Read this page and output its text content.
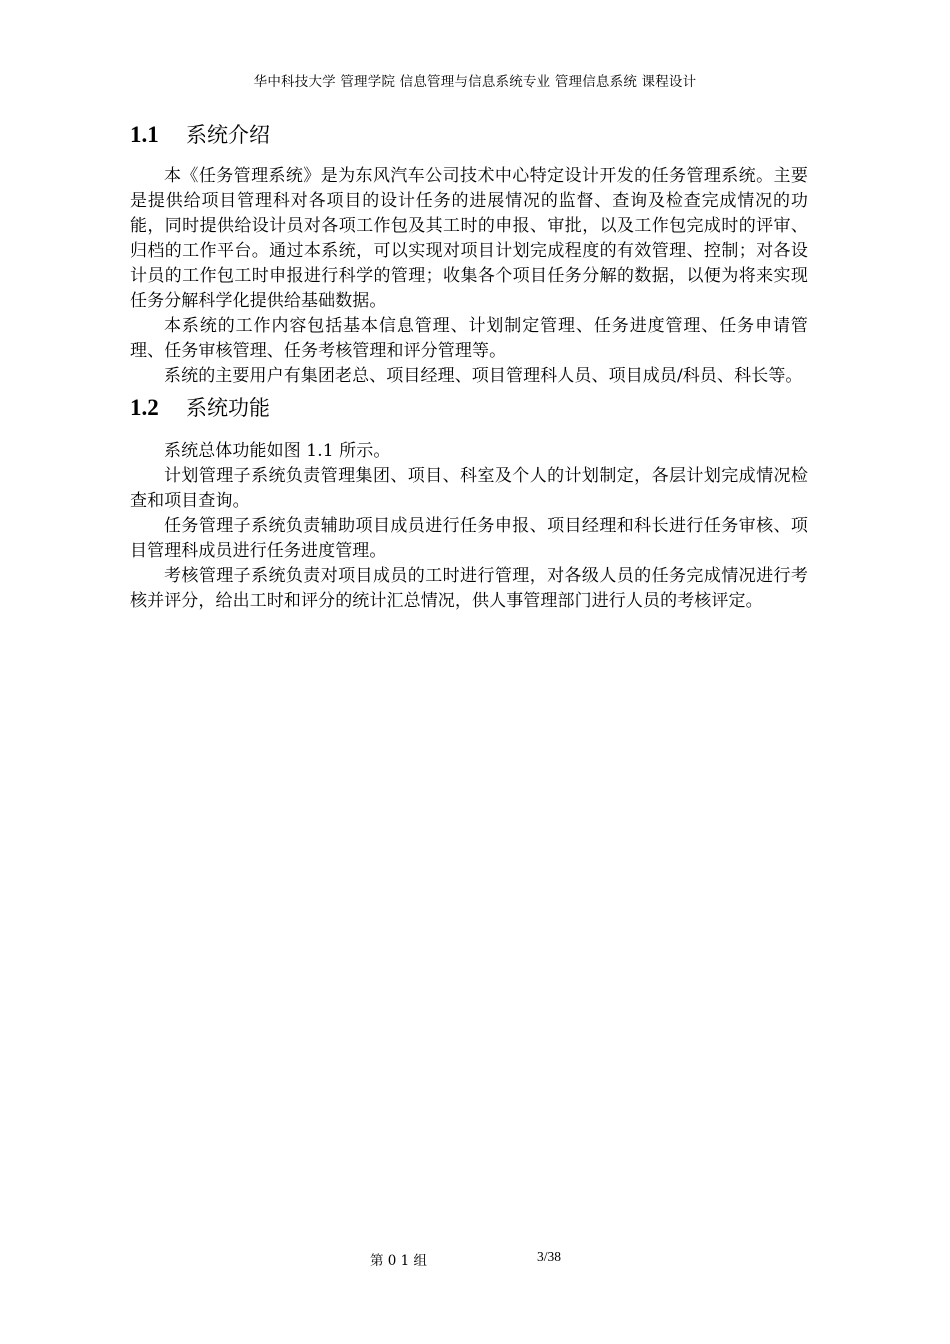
华中科技大学 管理学院 信息管理与信息系统专业 管理信息系统 课程设计
1.1 系统介绍

本《任务管理系统》是为东风汽车公司技术中心特定设计开发的任务管理系统。主要是提供给项目管理科对各项目的设计任务的进展情况的监督、查询及检查完成情况的功能，同时提供给设计员对各项工作包及其工时的申报、审批，以及工作包完成时的评审、归档的工作平台。通过本系统，可以实现对项目计划完成程度的有效管理、控制；对各设计员的工作包工时申报进行科学的管理；收集各个项目任务分解的数据，以便为将来实现任务分解科学化提供给基础数据。

本系统的工作内容包括基本信息管理、计划制定管理、任务进度管理、任务申请管理、任务审核管理、任务考核管理和评分管理等。

系统的主要用户有集团老总、项目经理、项目管理科人员、项目成员/科员、科长等。

1.2 系统功能

系统总体功能如图 1.1 所示。

计划管理子系统负责管理集团、项目、科室及个人的计划制定，各层计划完成情况检查和项目查询。

任务管理子系统负责辅助项目成员进行任务申报、项目经理和科长进行任务审核、项目管理科成员进行任务进度管理。

考核管理子系统负责对项目成员的工时进行管理，对各级人员的任务完成情况进行考核并评分，给出工时和评分的统计汇总情况，供人事管理部门进行人员的考核评定。

第 0 1 组	3/38
